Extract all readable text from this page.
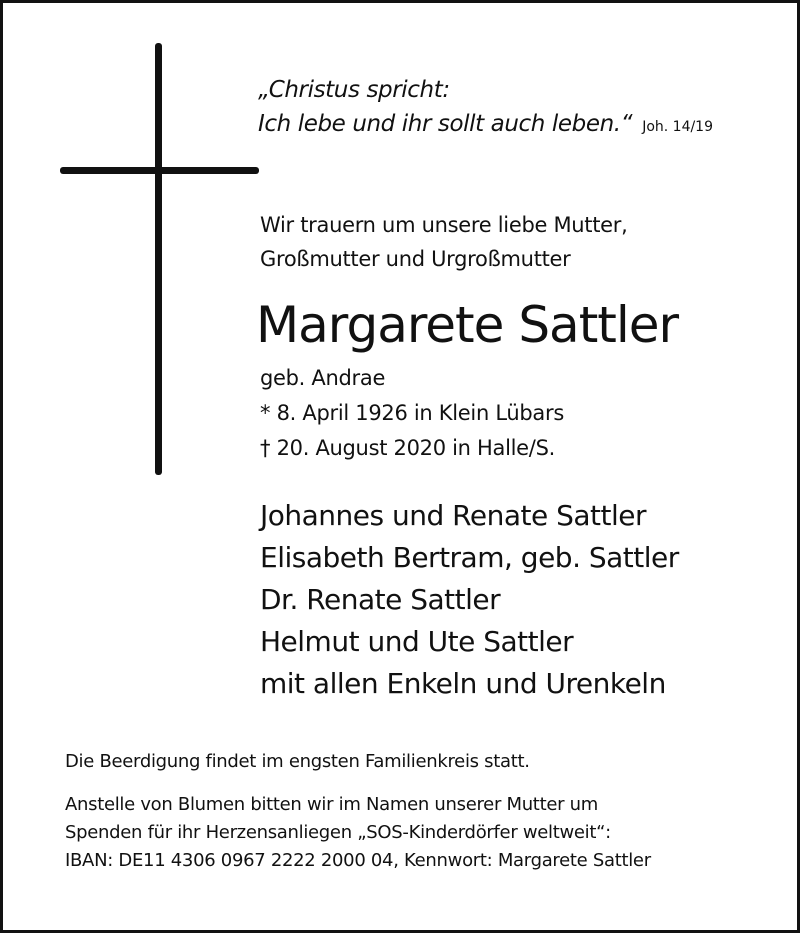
„Christus spricht:
Ich lebe und ihr sollt auch leben.“ Joh. 14/19
Wir trauern um unsere liebe Mutter,
Großmutter und Urgroßmutter
Margarete Sattler
geb. Andrae
* 8. April 1926 in Klein Lübars
† 20. August 2020 in Halle/S.
Johannes und Renate Sattler
Elisabeth Bertram, geb. Sattler
Dr. Renate Sattler
Helmut und Ute Sattler
mit allen Enkeln und Urenkeln
Die Beerdigung findet im engsten Familienkreis statt.
Anstelle von Blumen bitten wir im Namen unserer Mutter um
Spenden für ihr Herzensanliegen „SOS-Kinderdörfer weltweit“:
IBAN: DE11 4306 0967 2222 2000 04, Kennwort: Margarete Sattler
